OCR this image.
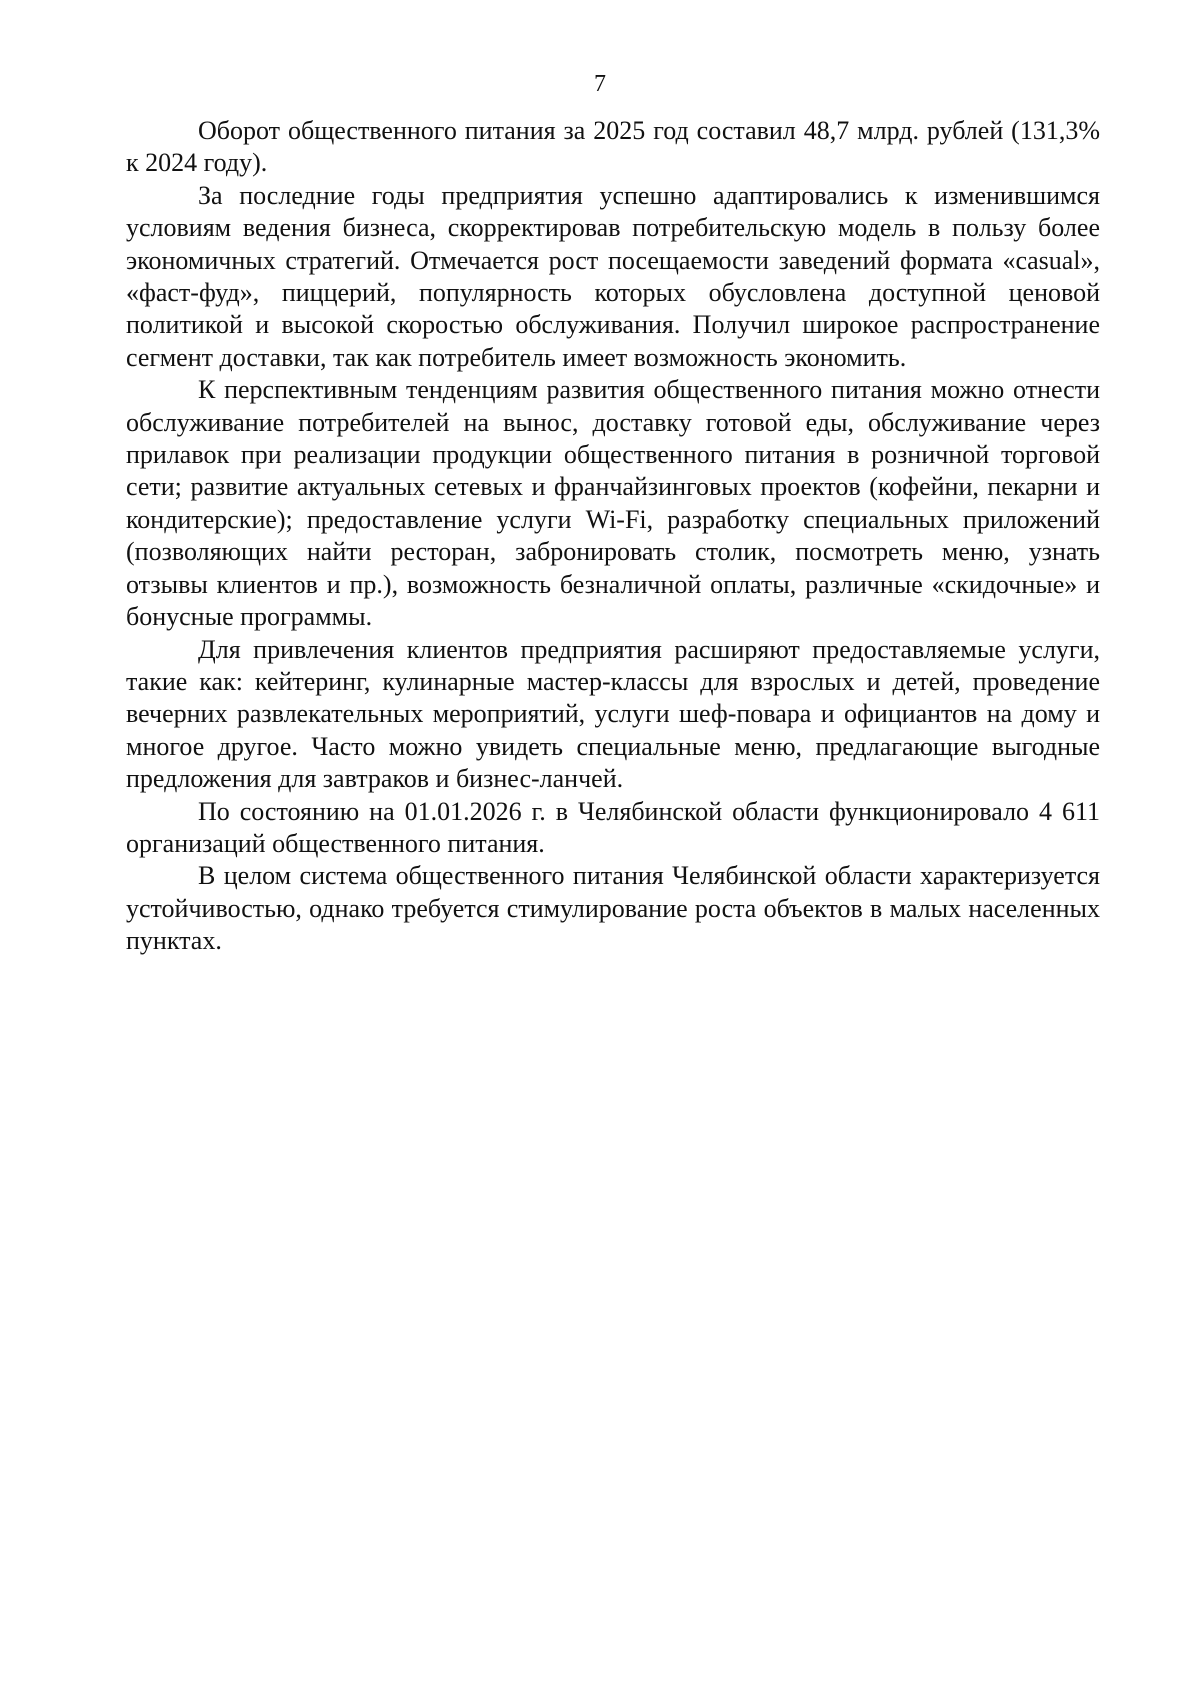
7

Оборот общественного питания за 2025 год составил 48,7 млрд. рублей (131,3% к 2024 году).

За последние годы предприятия успешно адаптировались к изменившимся условиям ведения бизнеса, скорректировав потребительскую модель в пользу более экономичных стратегий. Отмечается рост посещаемости заведений формата «casual», «фаст-фуд», пиццерий, популярность которых обусловлена доступной ценовой политикой и высокой скоростью обслуживания. Получил широкое распространение сегмент доставки, так как потребитель имеет возможность экономить.

К перспективным тенденциям развития общественного питания можно отнести обслуживание потребителей на вынос, доставку готовой еды, обслуживание через прилавок при реализации продукции общественного питания в розничной торговой сети; развитие актуальных сетевых и франчайзинговых проектов (кофейни, пекарни и кондитерские); предоставление услуги Wi-Fi, разработку специальных приложений (позволяющих найти ресторан, забронировать столик, посмотреть меню, узнать отзывы клиентов и пр.), возможность безналичной оплаты, различные «скидочные» и бонусные программы.

Для привлечения клиентов предприятия расширяют предоставляемые услуги, такие как: кейтеринг, кулинарные мастер-классы для взрослых и детей, проведение вечерних развлекательных мероприятий, услуги шеф-повара и официантов на дому и многое другое. Часто можно увидеть специальные меню, предлагающие выгодные предложения для завтраков и бизнес-ланчей.

По состоянию на 01.01.2026 г. в Челябинской области функционировало 4 611 организаций общественного питания.

В целом система общественного питания Челябинской области характеризуется устойчивостью, однако требуется стимулирование роста объектов в малых населенных пунктах.
